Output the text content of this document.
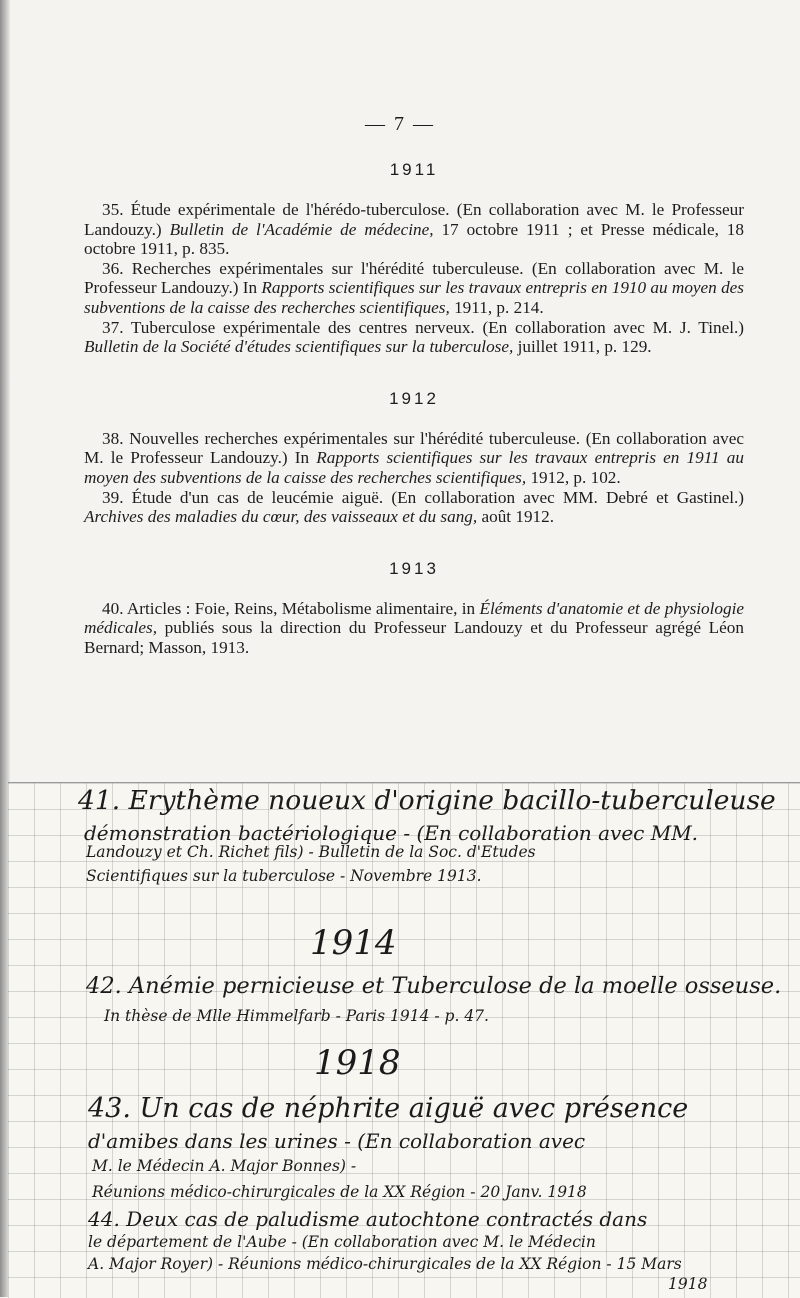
— 7 —
1911

35. Étude expérimentale de l'hérédo-tuberculose. (En collaboration avec M. le Professeur Landouzy.) Bulletin de l'Académie de médecine, 17 octobre 1911 ; et Presse médicale, 18 octobre 1911, p. 835.

36. Recherches expérimentales sur l'hérédité tuberculeuse. (En collaboration avec M. le Professeur Landouzy.) In Rapports scientifiques sur les travaux entrepris en 1910 au moyen des subventions de la caisse des recherches scientifiques, 1911, p. 214.

37. Tuberculose expérimentale des centres nerveux. (En collaboration avec M. J. Tinel.) Bulletin de la Société d'études scientifiques sur la tuberculose, juillet 1911, p. 129.

1912

38. Nouvelles recherches expérimentales sur l'hérédité tuberculeuse. (En collaboration avec M. le Professeur Landouzy.) In Rapports scientifiques sur les travaux entrepris en 1911 au moyen des subventions de la caisse des recherches scientifiques, 1912, p. 102.

39. Étude d'un cas de leucémie aiguë. (En collaboration avec MM. Debré et Gastinel.) Archives des maladies du cœur, des vaisseaux et du sang, août 1912.

1913

40. Articles : Foie, Reins, Métabolisme alimentaire, in Éléments d'anatomie et de physiologie médicales, publiés sous la direction du Professeur Landouzy et du Professeur agrégé Léon Bernard; Masson, 1913.

41. Erythème noueux d'origine bacillo-tuberculeuse
démonstration bactériologique - (En collaboration avec MM.
Landouzy et Ch. Richet fils) - Bulletin de la Soc. d'Etudes
Scientifiques sur la tuberculose - Novembre 1913.
1914
42. Anémie pernicieuse et Tuberculose de la moelle osseuse.
In thèse de Mlle Himmelfarb - Paris 1914 - p. 47.
1918
43. Un cas de néphrite aiguë avec présence
d'amibes dans les urines - (En collaboration avec
M. le Médecin A. Major Bonnes) -
Réunions médico-chirurgicales de la XX Région - 20 Janv. 1918
44. Deux cas de paludisme autochtone contractés dans
le département de l'Aube - (En collaboration avec M. le Médecin
A. Major Royer) - Réunions médico-chirurgicales de la XX Région - 15 Mars
1918
